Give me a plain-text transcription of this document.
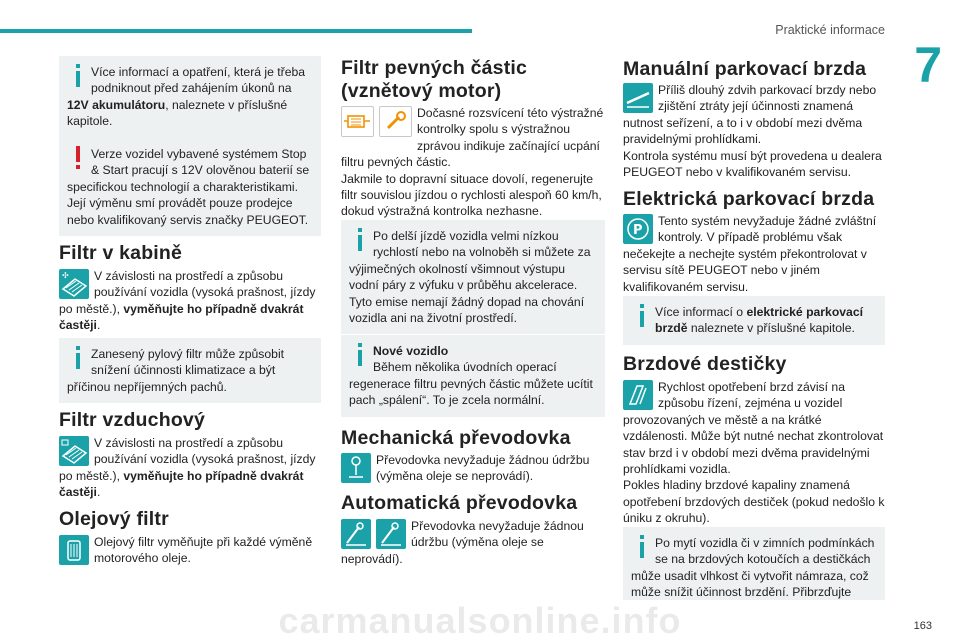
Praktické informace
7
carmanualsonline.info	163

Více informací a opatření, která je třeba podniknout před zahájením úkonů na 12V akumulátoru, naleznete v příslušné kapitole.

Verze vozidel vybavené systémem Stop & Start pracují s 12V olověnou baterií se specifickou technologií a charakteristikami. Její výměnu smí provádět pouze prodejce nebo kvalifikovaný servis značky PEUGEOT.

Filtr v kabině
✣ V závislosti na prostředí a způsobu používání vozidla (vysoká prašnost, jízdy po městě.), vyměňujte ho případně dvakrát častěji.

Zanesený pylový filtr může způsobit snížení účinnosti klimatizace a být příčinou nepříjemných pachů.

Filtr vzduchový
V závislosti na prostředí a způsobu používání vozidla (vysoká prašnost, jízdy po městě.), vyměňujte ho případně dvakrát častěji.
Olejový filtr
Olejový filtr vyměňujte při každé výměně motorového oleje.
Filtr pevných částic
(vznětový motor)
Dočasné rozsvícení této výstražné kontrolky spolu s výstražnou zprávou indikuje začínající ucpání filtru pevných částic.
Jakmile to dopravní situace dovolí, regenerujte filtr souvislou jízdou o rychlosti alespoň 60 km/h, dokud výstražná kontrolka nezhasne.

Po delší jízdě vozidla velmi nízkou rychlostí nebo na volnoběh si můžete za výjimečných okolností všimnout výstupu vodní páry z výfuku v průběhu akcelerace. Tyto emise nemají žádný dopad na chování vozidla ani na životní prostředí.

Nové vozidlo
Během několika úvodních operací regenerace filtru pevných částic můžete ucítit pach „spálení“. To je zcela normální.

Mechanická převodovka
Převodovka nevyžaduje žádnou údržbu (výměna oleje se neprovádí).
Automatická převodovka
Převodovka nevyžaduje žádnou údržbu (výměna oleje se neprovádí).
Manuální parkovací brzda
Příliš dlouhý zdvih parkovací brzdy nebo zjištění ztráty její účinnosti znamená nutnost seřízení, a to i v období mezi dvěma pravidelnými prohlídkami.
Kontrola systému musí být provedena u dealera PEUGEOT nebo v kvalifikovaném servisu.
Elektrická parkovací brzda
P
Tento systém nevyžaduje žádné zvláštní kontroly. V případě problému však nečekejte a nechejte systém překontrolovat v servisu sítě PEUGEOT nebo v jiném kvalifikovaném servisu.

Více informací o elektrické parkovací brzdě naleznete v příslušné kapitole.

Brzdové destičky
Rychlost opotřebení brzd závisí na způsobu řízení, zejména u vozidel provozovaných ve městě a na krátké vzdálenosti. Může být nutné nechat zkontrolovat stav brzd i v období mezi dvěma pravidelnými prohlídkami vozidla.
Pokles hladiny brzdové kapaliny znamená opotřebení brzdových destiček (pokud nedošlo k úniku z okruhu).

Po mytí vozidla či v zimních podmínkách se na brzdových kotoučích a destičkách může usadit vlhkost či vytvořit námraza, což může snížit účinnost brzdění. Přibrzďujte
